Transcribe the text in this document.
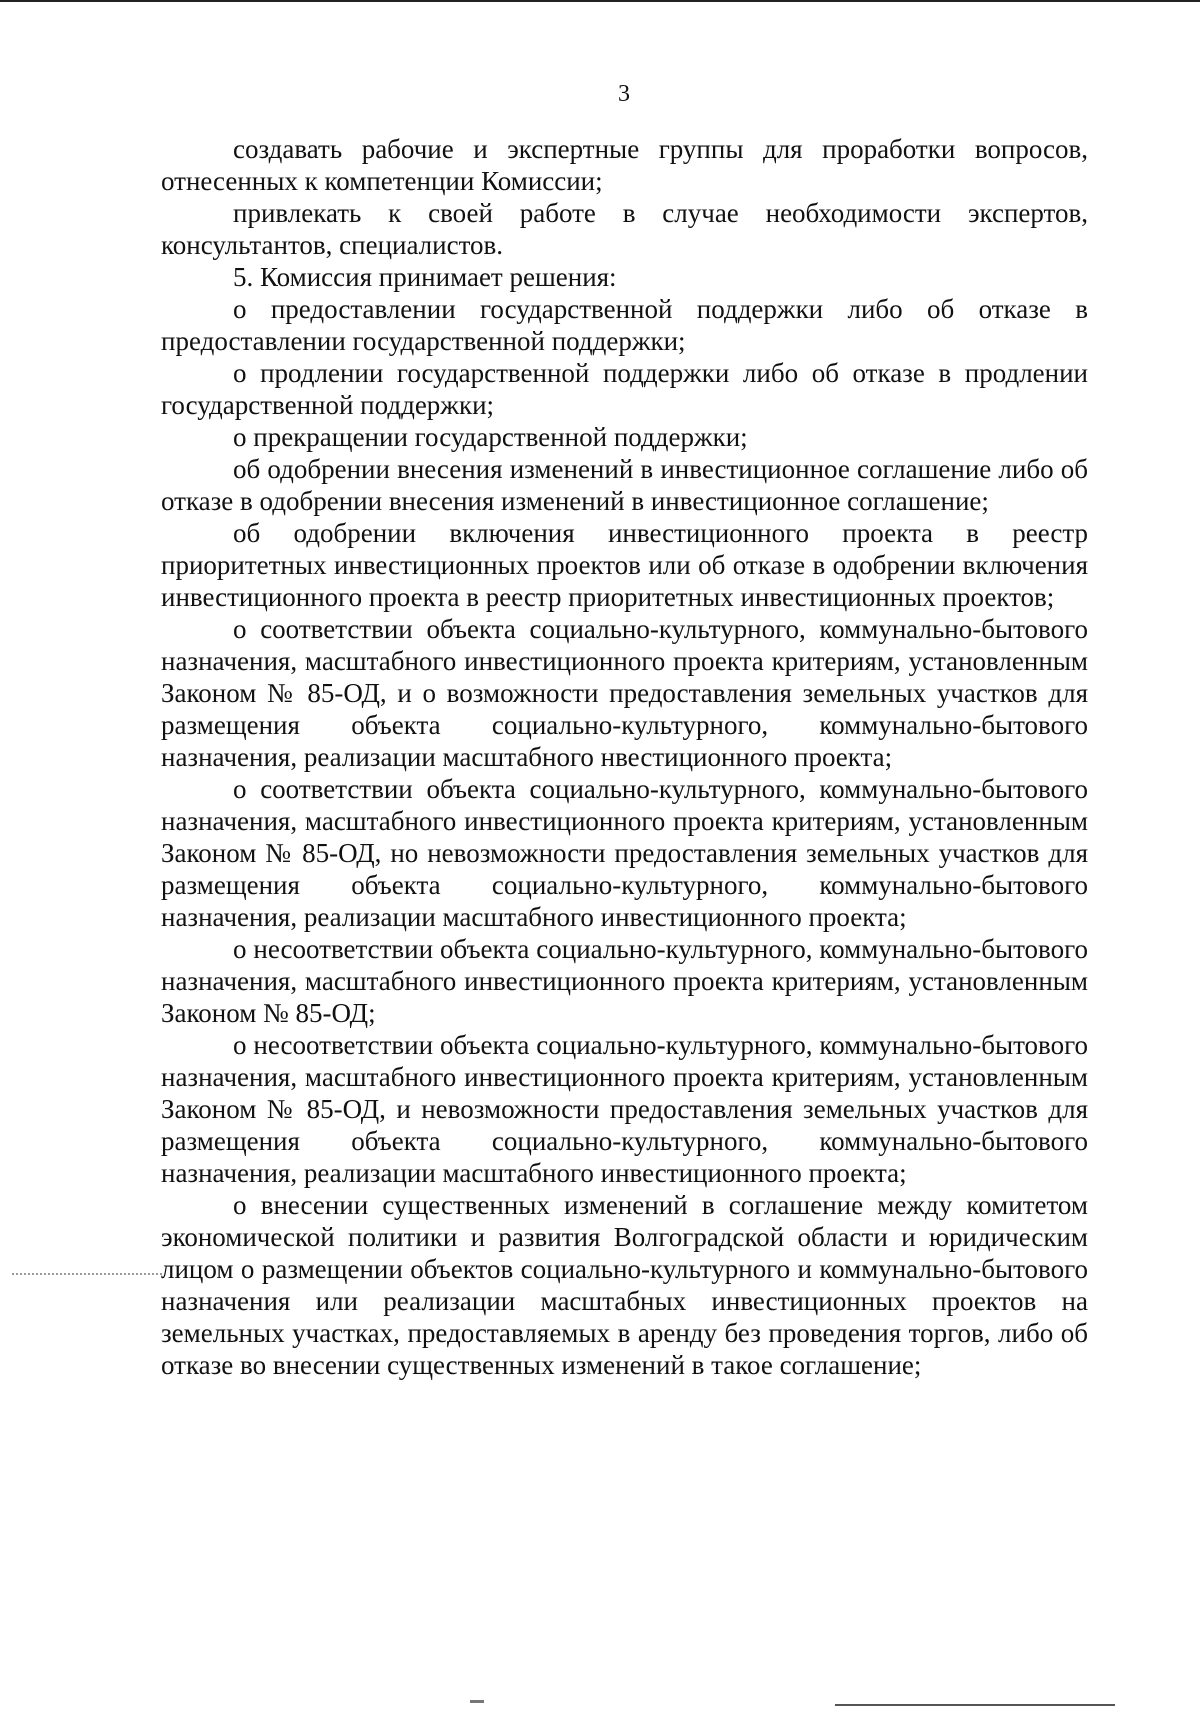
3

создавать рабочие и экспертные группы для проработки вопросов, отнесенных к компетенции Комиссии;

привлекать к своей работе в случае необходимости экспертов, консультантов, специалистов.

5. Комиссия принимает решения:

о предоставлении государственной поддержки либо об отказе в предоставлении государственной поддержки;

о продлении государственной поддержки либо об отказе в продлении государственной поддержки;

о прекращении государственной поддержки;

об одобрении внесения изменений в инвестиционное соглашение либо об отказе в одобрении внесения изменений в инвестиционное соглашение;

об одобрении включения инвестиционного проекта в реестр приоритетных инвестиционных проектов или об отказе в одобрении включения инвестиционного проекта в реестр приоритетных инвестиционных проектов;

о соответствии объекта социально-культурного, коммунально-бытового назначения, масштабного инвестиционного проекта критериям, установленным Законом № 85-ОД, и о возможности предоставления земельных участков для размещения объекта социально-культурного, коммунально-бытового назначения, реализации масштабного нвестиционного проекта;

о соответствии объекта социально-культурного, коммунально-бытового назначения, масштабного инвестиционного проекта критериям, установленным Законом № 85-ОД, но невозможности предоставления земельных участков для размещения объекта социально-культурного, коммунально-бытового назначения, реализации масштабного инвестиционного проекта;

о несоответствии объекта социально-культурного, коммунально-бытового назначения, масштабного инвестиционного проекта критериям, установленным Законом № 85-ОД;

о несоответствии объекта социально-культурного, коммунально-бытового назначения, масштабного инвестиционного проекта критериям, установленным Законом № 85-ОД, и невозможности предоставления земельных участков для размещения объекта социально-культурного, коммунально-бытового назначения, реализации масштабного инвестиционного проекта;

о внесении существенных изменений в соглашение между комитетом экономической политики и развития Волгоградской области и юридическим лицом о размещении объектов социально-культурного и коммунально-бытового назначения или реализации масштабных инвестиционных проектов на земельных участках, предоставляемых в аренду без проведения торгов, либо об отказе во внесении существенных изменений в такое соглашение;
